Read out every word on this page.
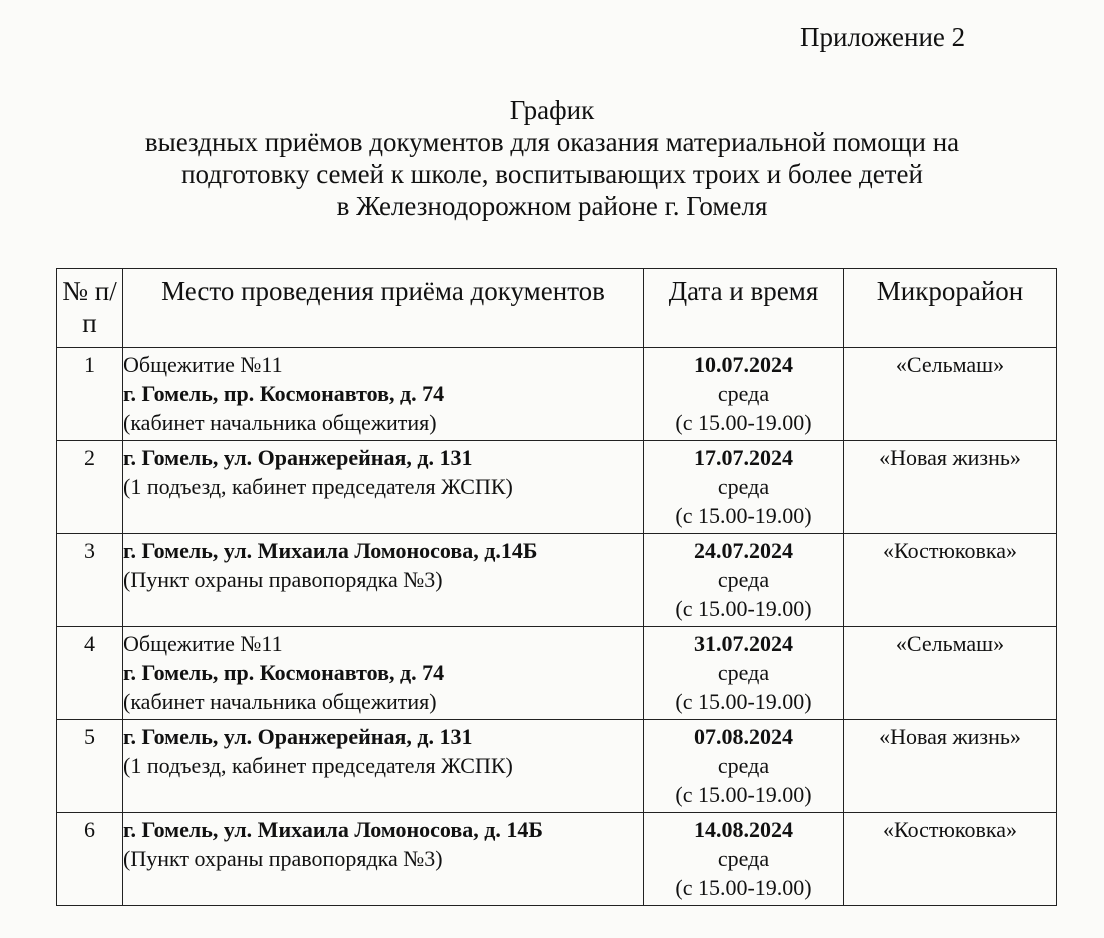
Приложение 2
График
выездных приёмов документов для оказания материальной помощи на
подготовку семей к школе, воспитывающих троих и более детей
в Железнодорожном районе г. Гомеля
№ п/п	Место проведения приёма документов	Дата и время	Микрорайон
1	Общежитие №11
г. Гомель, пр. Космонавтов, д. 74
(кабинет начальника общежития)	10.07.2024
среда
(с 15.00-19.00)	«Сельмаш»
2	г. Гомель, ул. Оранжерейная, д. 131
(1 подъезд, кабинет председателя ЖСПК)	17.07.2024
среда
(с 15.00-19.00)	«Новая жизнь»
3	г. Гомель, ул. Михаила Ломоносова, д.14Б
(Пункт охраны правопорядка №3)	24.07.2024
среда
(с 15.00-19.00)	«Костюковка»
4	Общежитие №11
г. Гомель, пр. Космонавтов, д. 74
(кабинет начальника общежития)	31.07.2024
среда
(с 15.00-19.00)	«Сельмаш»
5	г. Гомель, ул. Оранжерейная, д. 131
(1 подъезд, кабинет председателя ЖСПК)	07.08.2024
среда
(с 15.00-19.00)	«Новая жизнь»
6	г. Гомель, ул. Михаила Ломоносова, д. 14Б
(Пункт охраны правопорядка №3)	14.08.2024
среда
(с 15.00-19.00)	«Костюковка»
